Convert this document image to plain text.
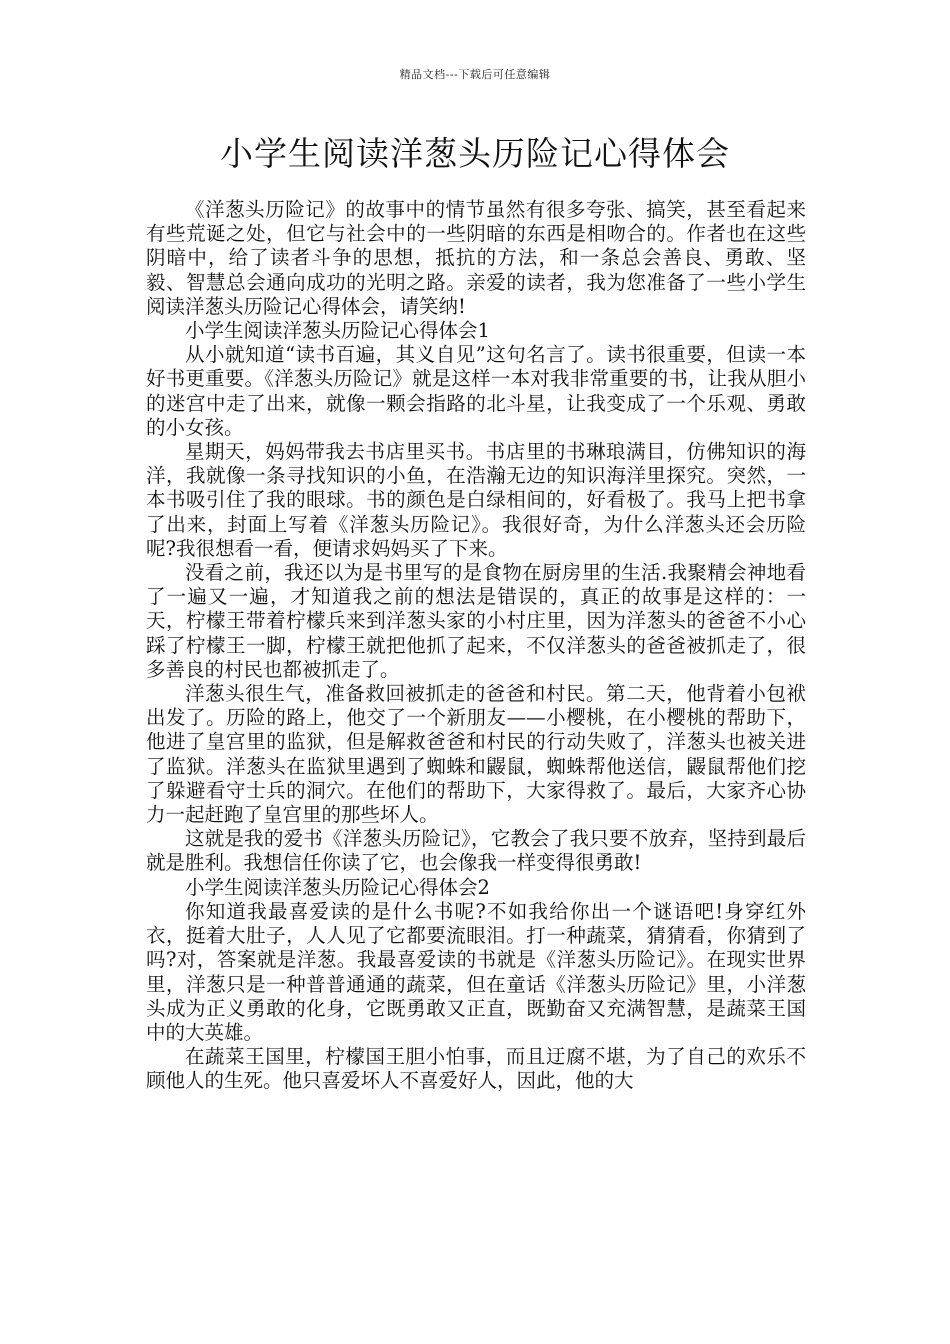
精品文档---下载后可任意编辑
小学生阅读洋葱头历险记心得体会

《洋葱头历险记》的故事中的情节虽然有很多夸张、搞笑，甚至看起来有些荒诞之处，但它与社会中的一些阴暗的东西是相吻合的。作者也在这些阴暗中，给了读者斗争的思想，抵抗的方法，和一条总会善良、勇敢、坚毅、智慧总会通向成功的光明之路。亲爱的读者，我为您准备了一些小学生阅读洋葱头历险记心得体会，请笑纳!

小学生阅读洋葱头历险记心得体会1

从小就知道“读书百遍，其义自见”这句名言了。读书很重要，但读一本好书更重要。《洋葱头历险记》就是这样一本对我非常重要的书，让我从胆小的迷宫中走了出来，就像一颗会指路的北斗星，让我变成了一个乐观、勇敢的小女孩。

星期天，妈妈带我去书店里买书。书店里的书琳琅满目，仿佛知识的海洋，我就像一条寻找知识的小鱼，在浩瀚无边的知识海洋里探究。突然，一本书吸引住了我的眼球。书的颜色是白绿相间的，好看极了。我马上把书拿了出来，封面上写着《洋葱头历险记》。我很好奇，为什么洋葱头还会历险呢?我很想看一看，便请求妈妈买了下来。

没看之前，我还以为是书里写的是食物在厨房里的生活.我聚精会神地看了一遍又一遍，才知道我之前的想法是错误的，真正的故事是这样的：一天，柠檬王带着柠檬兵来到洋葱头家的小村庄里，因为洋葱头的爸爸不小心踩了柠檬王一脚，柠檬王就把他抓了起来，不仅洋葱头的爸爸被抓走了，很多善良的村民也都被抓走了。

洋葱头很生气，准备救回被抓走的爸爸和村民。第二天，他背着小包袱出发了。历险的路上，他交了一个新朋友——小樱桃，在小樱桃的帮助下，他进了皇宫里的监狱，但是解救爸爸和村民的行动失败了，洋葱头也被关进了监狱。洋葱头在监狱里遇到了蜘蛛和鼹鼠，蜘蛛帮他送信，鼹鼠帮他们挖了躲避看守士兵的洞穴。在他们的帮助下，大家得救了。最后，大家齐心协力一起赶跑了皇宫里的那些坏人。

这就是我的爱书《洋葱头历险记》，它教会了我只要不放弃，坚持到最后就是胜利。我想信任你读了它，也会像我一样变得很勇敢!

小学生阅读洋葱头历险记心得体会2

你知道我最喜爱读的是什么书呢?不如我给你出一个谜语吧!身穿红外衣，挺着大肚子，人人见了它都要流眼泪。打一种蔬菜，猜猜看，你猜到了吗?对，答案就是洋葱。我最喜爱读的书就是《洋葱头历险记》。在现实世界里，洋葱只是一种普普通通的蔬菜，但在童话《洋葱头历险记》里，小洋葱头成为正义勇敢的化身，它既勇敢又正直，既勤奋又充满智慧，是蔬菜王国中的大英雄。

在蔬菜王国里，柠檬国王胆小怕事，而且迂腐不堪，为了自己的欢乐不顾他人的生死。他只喜爱坏人不喜爱好人，因此，他的大
